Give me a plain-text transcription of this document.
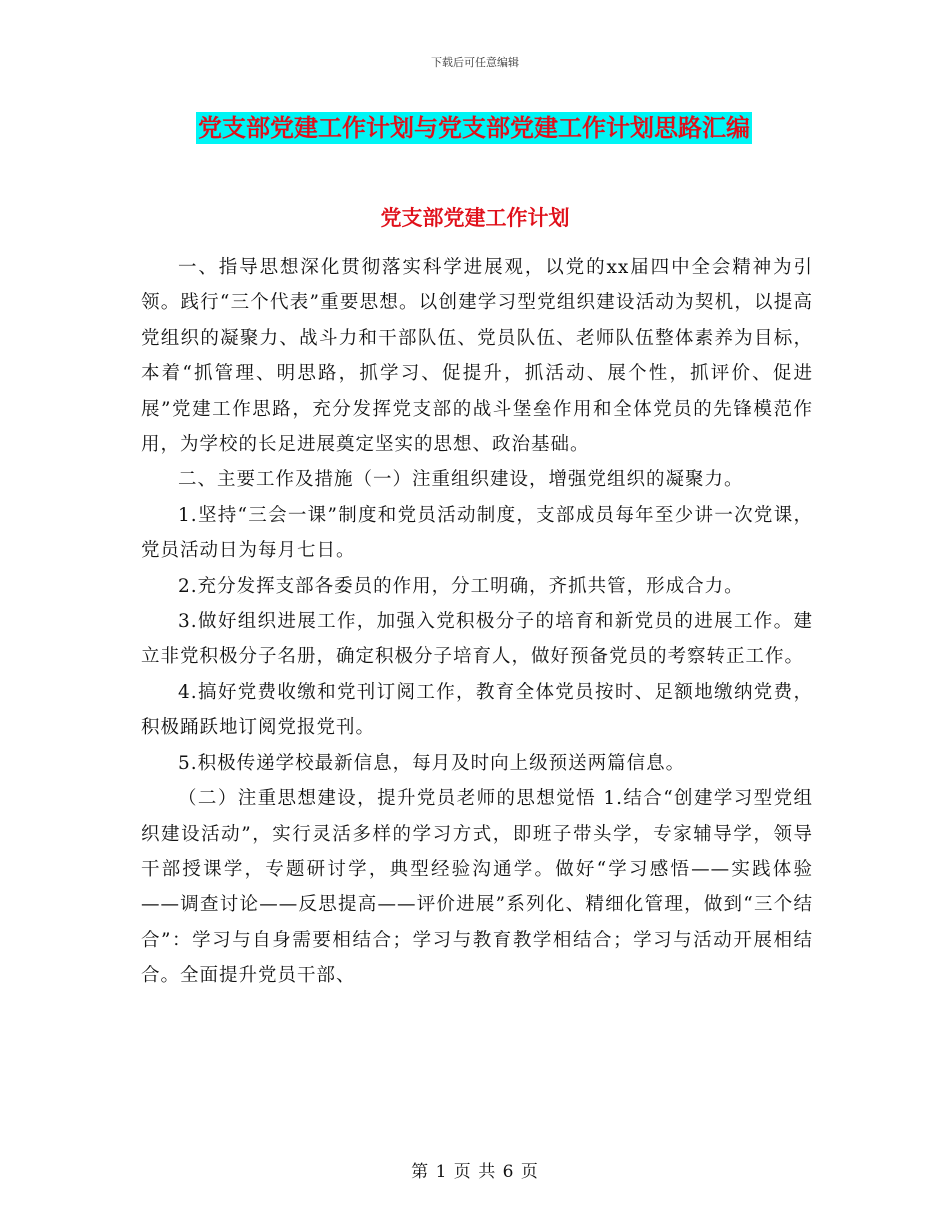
下载后可任意编辑
党支部党建工作计划与党支部党建工作计划思路汇编
党支部党建工作计划

一、指导思想深化贯彻落实科学进展观，以党的xx届四中全会精神为引领。践行“三个代表”重要思想。以创建学习型党组织建设活动为契机，以提高党组织的凝聚力、战斗力和干部队伍、党员队伍、老师队伍整体素养为目标，本着“抓管理、明思路，抓学习、促提升，抓活动、展个性，抓评价、促进展”党建工作思路，充分发挥党支部的战斗堡垒作用和全体党员的先锋模范作用，为学校的长足进展奠定坚实的思想、政治基础。

二、主要工作及措施（一）注重组织建设，增强党组织的凝聚力。

1.坚持“三会一课”制度和党员活动制度，支部成员每年至少讲一次党课，党员活动日为每月七日。

2.充分发挥支部各委员的作用，分工明确，齐抓共管，形成合力。

3.做好组织进展工作，加强入党积极分子的培育和新党员的进展工作。建立非党积极分子名册，确定积极分子培育人，做好预备党员的考察转正工作。

4.搞好党费收缴和党刊订阅工作，教育全体党员按时、足额地缴纳党费，积极踊跃地订阅党报党刊。

5.积极传递学校最新信息，每月及时向上级预送两篇信息。

（二）注重思想建设，提升党员老师的思想觉悟 1.结合“创建学习型党组织建设活动”，实行灵活多样的学习方式，即班子带头学，专家辅导学，领导干部授课学，专题研讨学，典型经验沟通学。做好“学习感悟——实践体验——调查讨论——反思提高——评价进展”系列化、精细化管理，做到“三个结合”：学习与自身需要相结合；学习与教育教学相结合；学习与活动开展相结合。全面提升党员干部、

第 1 页 共 6 页
